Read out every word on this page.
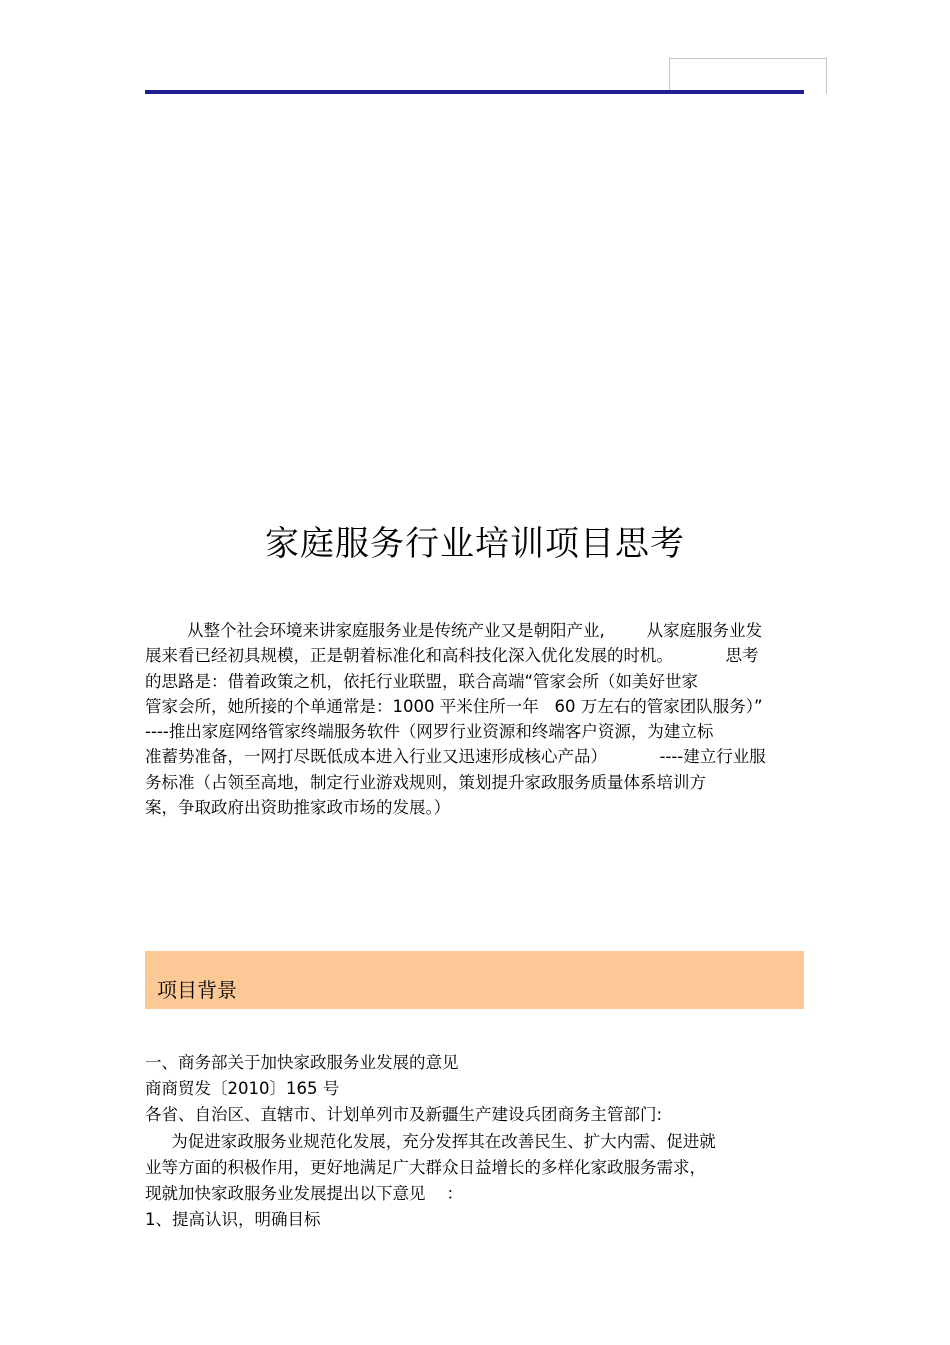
家庭服务行业培训项目思考
从整个社会环境来讲家庭服务业是传统产业又是朝阳产业,        从家庭服务业发
展来看已经初具规模，正是朝着标准化和高科技化深入优化发展的时机。          思考
的思路是：借着政策之机，依托行业联盟，联合高端“管家会所（如美好世家
管家会所，她所接的个单通常是：1000 平米住所一年   60 万左右的管家团队服务）”
----推出家庭网络管家终端服务软件（网罗行业资源和终端客户资源，为建立标
准蓄势准备，一网打尽既低成本进入行业又迅速形成核心产品）          ----建立行业服
务标准（占领至高地，制定行业游戏规则，策划提升家政服务质量体系培训方
案，争取政府出资助推家政市场的发展。）
项目背景
一、商务部关于加快家政服务业发展的意见
商商贸发〔2010〕165 号
各省、自治区、直辖市、计划单列市及新疆生产建设兵团商务主管部门:
为促进家政服务业规范化发展，充分发挥其在改善民生、扩大内需、促进就
业等方面的积极作用，更好地满足广大群众日益增长的多样化家政服务需求，
现就加快家政服务业发展提出以下意见    ：
1、提高认识，明确目标
